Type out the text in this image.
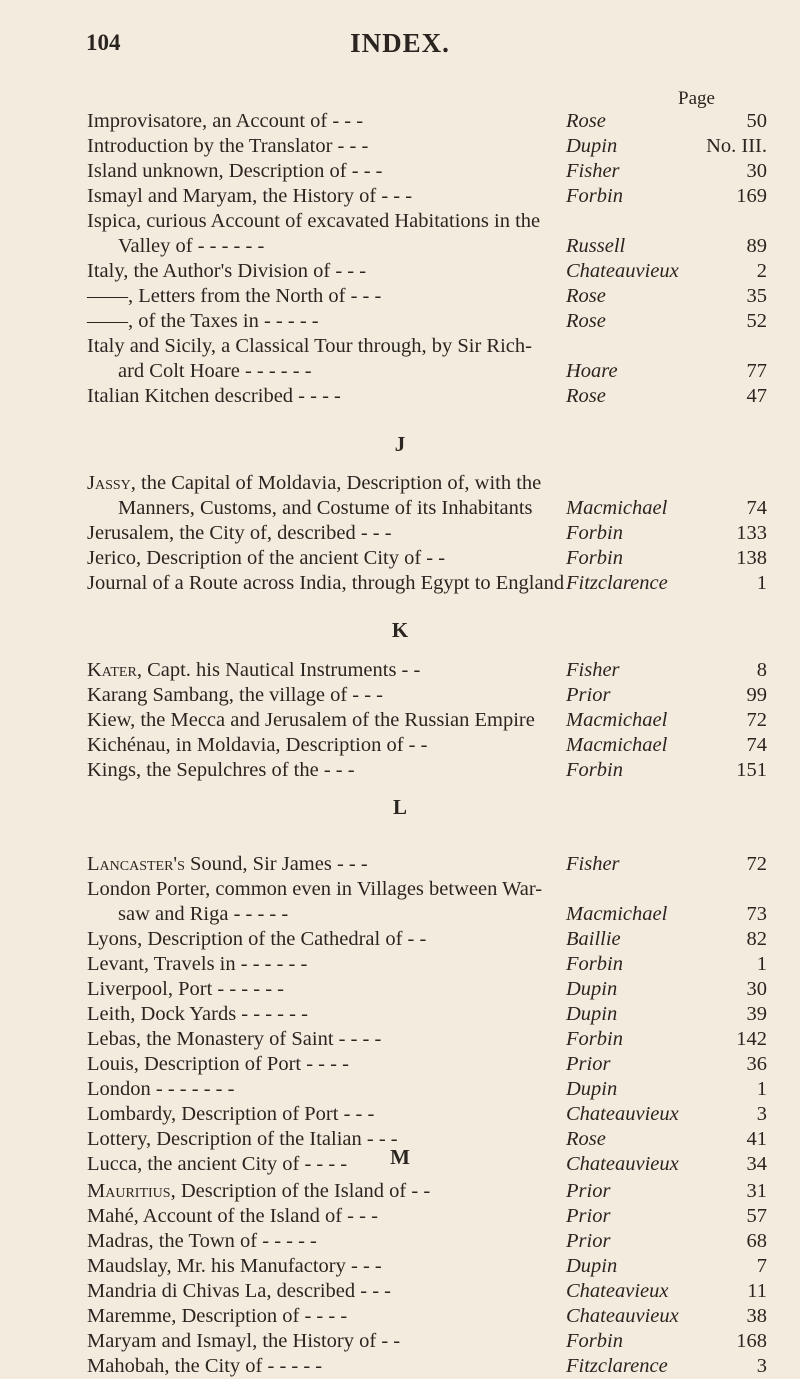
104	INDEX.
Page
Improvisatore, an Account of - - -	Rose	50
Introduction by the Translator - - -	Dupin	No. III.
Island unknown, Description of - - -	Fisher	30
Ismayl and Maryam, the History of - - -	Forbin	169
Ispica, curious Account of excavated Habitations in the
Valley of - - - - - -	Russell	89
Italy, the Author's Division of - - -	Chateauvieux	2
——, Letters from the North of - - -	Rose	35
——, of the Taxes in - - - - -	Rose	52
Italy and Sicily, a Classical Tour through, by Sir Rich-
ard Colt Hoare - - - - - -	Hoare	77
Italian Kitchen described - - - -	Rose	47
J
Jassy, the Capital of Moldavia, Description of, with the
Manners, Customs, and Costume of its Inhabitants Macmichael	74
Jerusalem, the City of, described - - -	Forbin	133
Jerico, Description of the ancient City of - -	Forbin	138
Journal of a Route across India, through Egypt to England Fitzclarence	1
K
Kater, Capt. his Nautical Instruments - -	Fisher	8
Karang Sambang, the village of - - -	Prior	99
Kiew, the Mecca and Jerusalem of the Russian Empire Macmichael	72
Kichénau, in Moldavia, Description of - -	Macmichael	74
Kings, the Sepulchres of the - - -	Forbin	151
L
Lancaster's Sound, Sir James - - -	Fisher	72
London Porter, common even in Villages between War-
saw and Riga - - - - -	Macmichael	73
Lyons, Description of the Cathedral of - -	Baillie	82
Levant, Travels in - - - - - -	Forbin	1
Liverpool, Port - - - - - -	Dupin	30
Leith, Dock Yards - - - - - -	Dupin	39
Lebas, the Monastery of Saint - - - -	Forbin	142
Louis, Description of Port - - - -	Prior	36
London - - - - - - -	Dupin	1
Lombardy, Description of Port - - -	Chateauvieux	3
Lottery, Description of the Italian - - -	Rose	41
Lucca, the ancient City of - - - -	Chateauvieux	34
M
Mauritius, Description of the Island of - -	Prior	31
Mahé, Account of the Island of - - -	Prior	57
Madras, the Town of - - - - -	Prior	68
Maudslay, Mr. his Manufactory - - -	Dupin	7
Mandria di Chivas La, described - - -	Chateavieux	11
Maremme, Description of - - - -	Chateauvieux	38
Maryam and Ismayl, the History of - -	Forbin	168
Mahobah, the City of - - - - -	Fitzclarence	3
